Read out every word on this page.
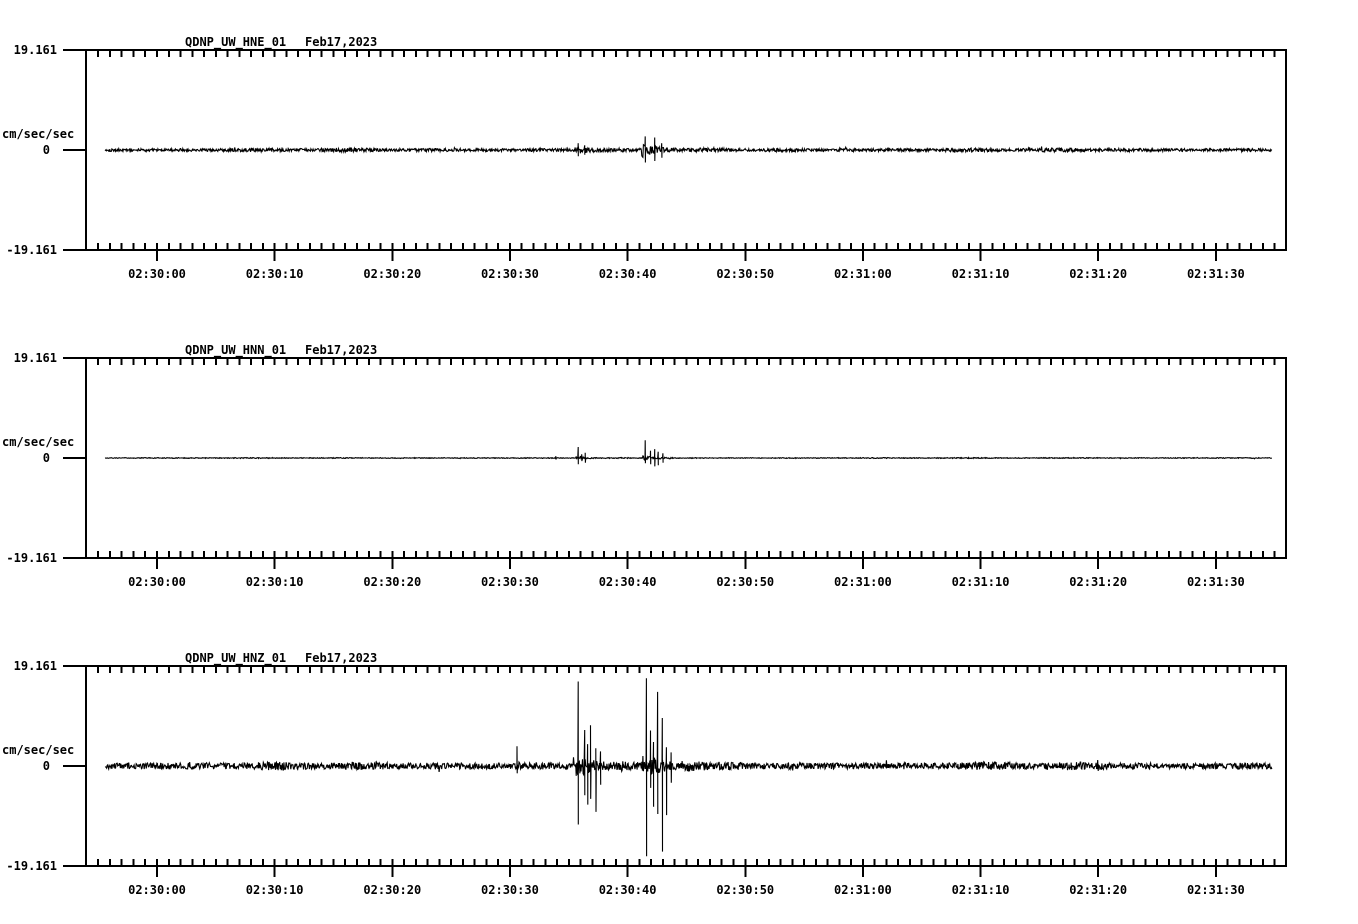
QDNP_UW_HNE_01 Feb17,2023
19.161
cm/sec/sec
0
-19.161
02:30:00	02:30:10	02:30:20	02:30:30	02:30:40	02:30:50	02:31:00	02:31:10	02:31:20	02:31:30
QDNP_UW_HNN_01 Feb17,2023
19.161
cm/sec/sec
0
-19.161
02:30:00	02:30:10	02:30:20	02:30:30	02:30:40	02:30:50	02:31:00	02:31:10	02:31:20	02:31:30
QDNP_UW_HNZ_01 Feb17,2023
19.161
cm/sec/sec
0
-19.161
02:30:00	02:30:10	02:30:20	02:30:30	02:30:40	02:30:50	02:31:00	02:31:10	02:31:20	02:31:30
